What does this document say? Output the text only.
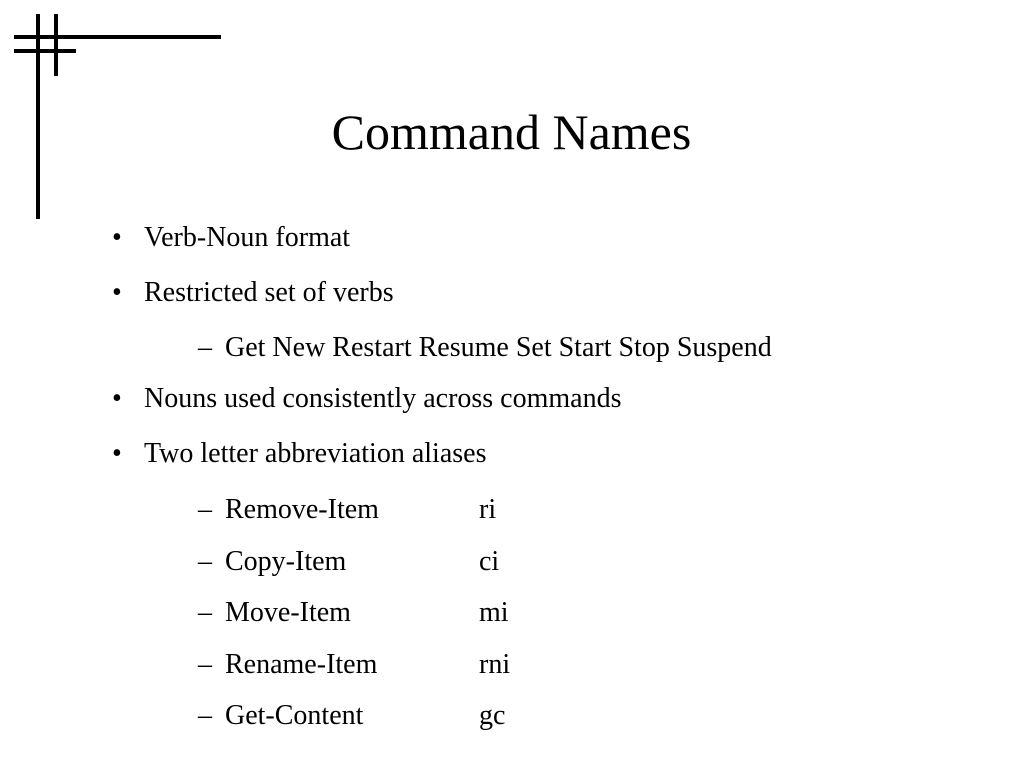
Command Names
• Verb-Noun format
• Restricted set of verbs
– Get New Restart Resume Set Start Stop Suspend
• Nouns used consistently across commands
• Two letter abbreviation aliases
– Remove-Item	ri
– Copy-Item	ci
– Move-Item	mi
– Rename-Item	rni
– Get-Content	gc
